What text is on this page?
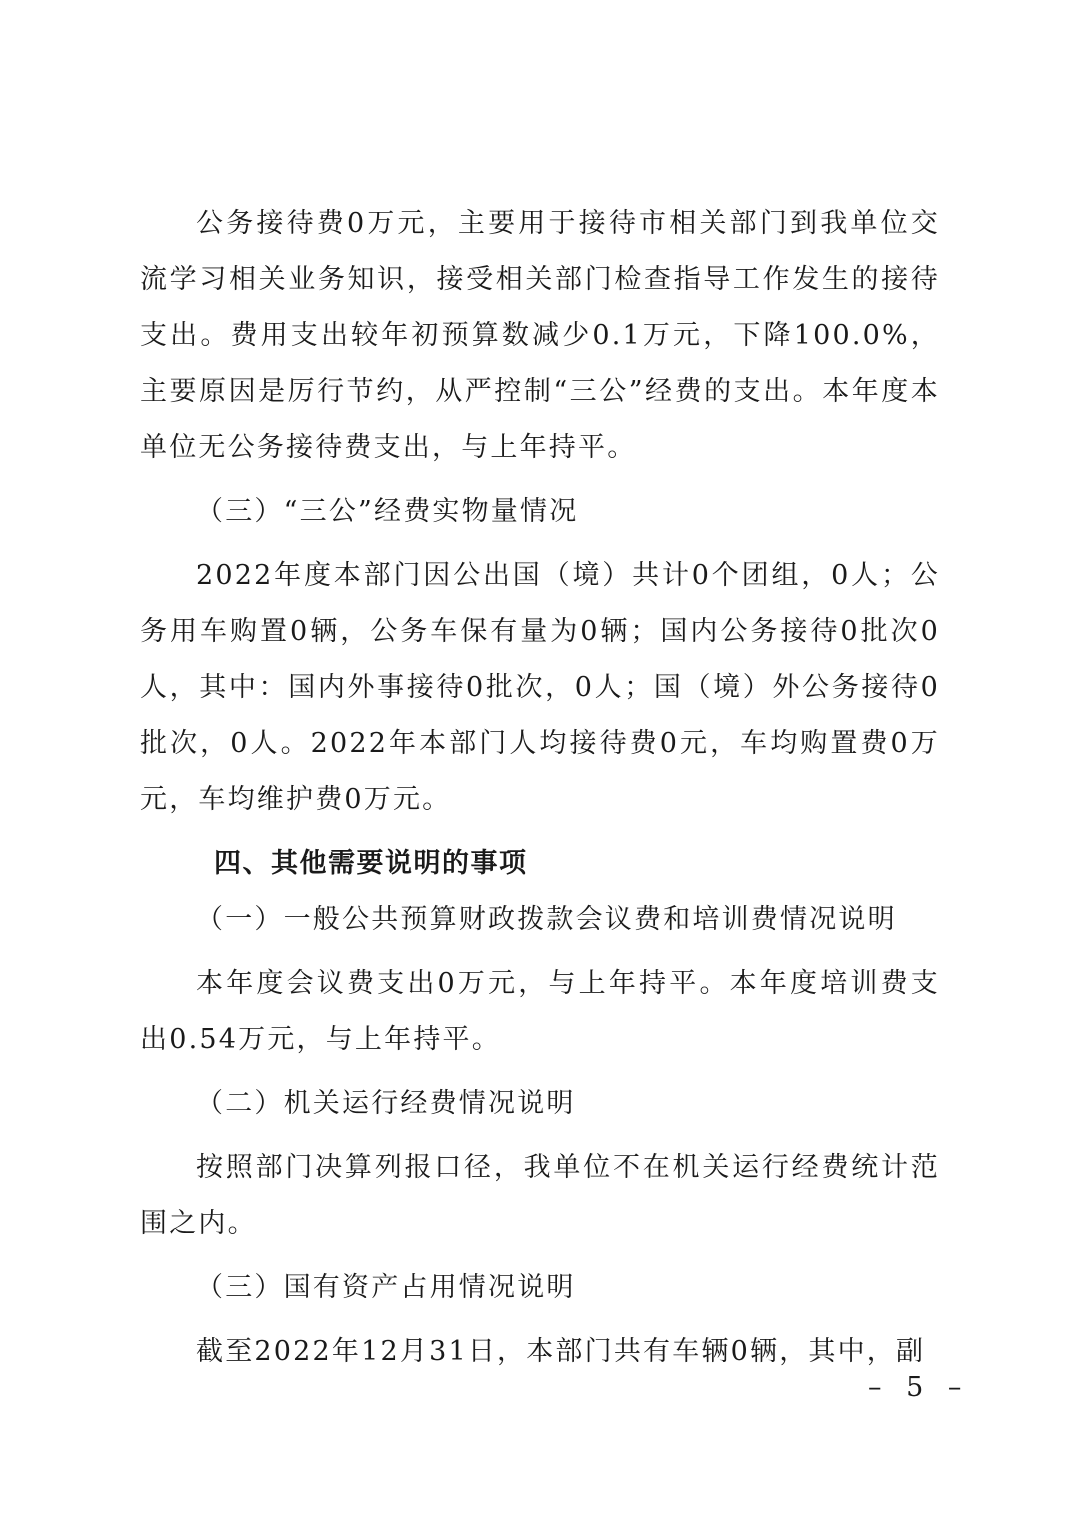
公务接待费0万元，主要用于接待市相关部门到我单位交流学习相关业务知识，接受相关部门检查指导工作发生的接待支出。费用支出较年初预算数减少0.1万元，下降100.0%，主要原因是厉行节约，从严控制“三公”经费的支出。本年度本单位无公务接待费支出，与上年持平。

（三）“三公”经费实物量情况

2022年度本部门因公出国（境）共计0个团组，0人；公务用车购置0辆，公务车保有量为0辆；国内公务接待0批次0人，其中：国内外事接待0批次，0人；国（境）外公务接待0批次，0人。2022年本部门人均接待费0元，车均购置费0万元，车均维护费0万元。

四、其他需要说明的事项

（一）一般公共预算财政拨款会议费和培训费情况说明

本年度会议费支出0万元，与上年持平。本年度培训费支出0.54万元，与上年持平。

（二）机关运行经费情况说明

按照部门决算列报口径，我单位不在机关运行经费统计范围之内。

（三）国有资产占用情况说明

截至2022年12月31日，本部门共有车辆0辆，其中，副

– 5 –
